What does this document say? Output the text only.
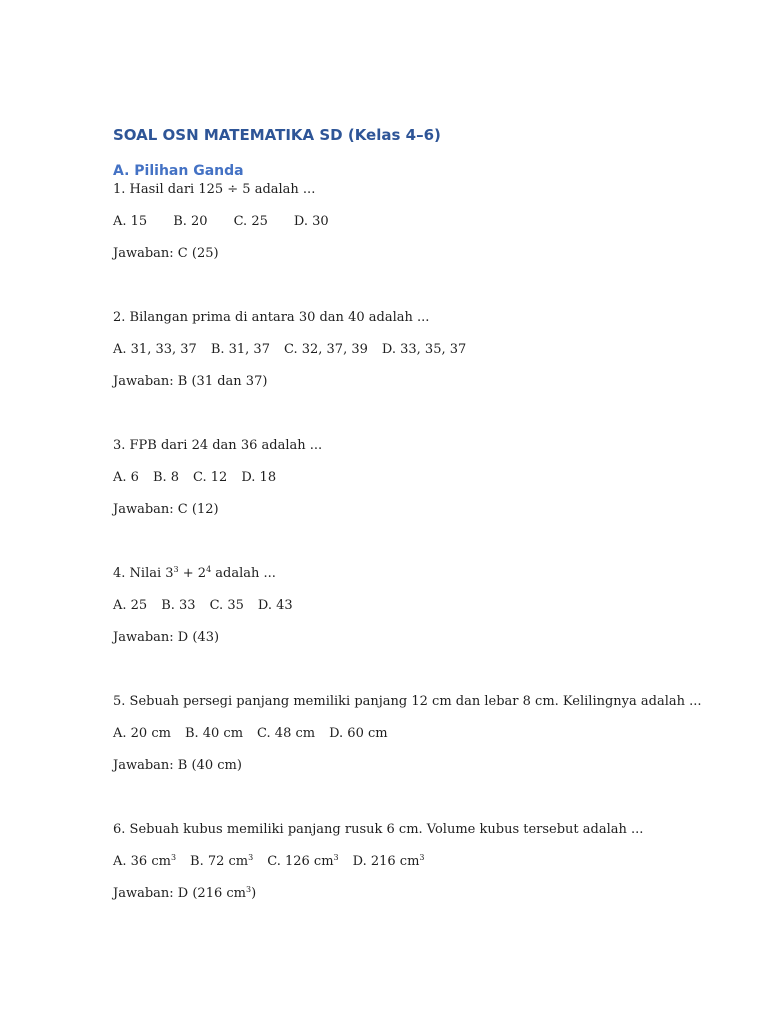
SOAL OSN MATEMATIKA SD (Kelas 4–6)
A. Pilihan Ganda

1. Hasil dari 125 ÷ 5 adalah ...

A. 15 B. 20 C. 25 D. 30

Jawaban: C (25)

2. Bilangan prima di antara 30 dan 40 adalah ...

A. 31, 33, 37 B. 31, 37 C. 32, 37, 39 D. 33, 35, 37

Jawaban: B (31 dan 37)

3. FPB dari 24 dan 36 adalah ...

A. 6 B. 8 C. 12 D. 18

Jawaban: C (12)

4. Nilai $3^3 + 2^4$ adalah ...

A. 25 B. 33 C. 35 D. 43

Jawaban: D (43)

5. Sebuah persegi panjang memiliki panjang 12 cm dan lebar 8 cm. Kelilingnya adalah ...

A. 20 cm B. 40 cm C. 48 cm D. 60 cm

Jawaban: B (40 cm)

6. Sebuah kubus memiliki panjang rusuk 6 cm. Volume kubus tersebut adalah ...

A. 36 $cm^3$ B. 72 $cm^3$ C. 126 $cm^3$ D. 216 $cm^3$

Jawaban: D (216 $cm^3$)
